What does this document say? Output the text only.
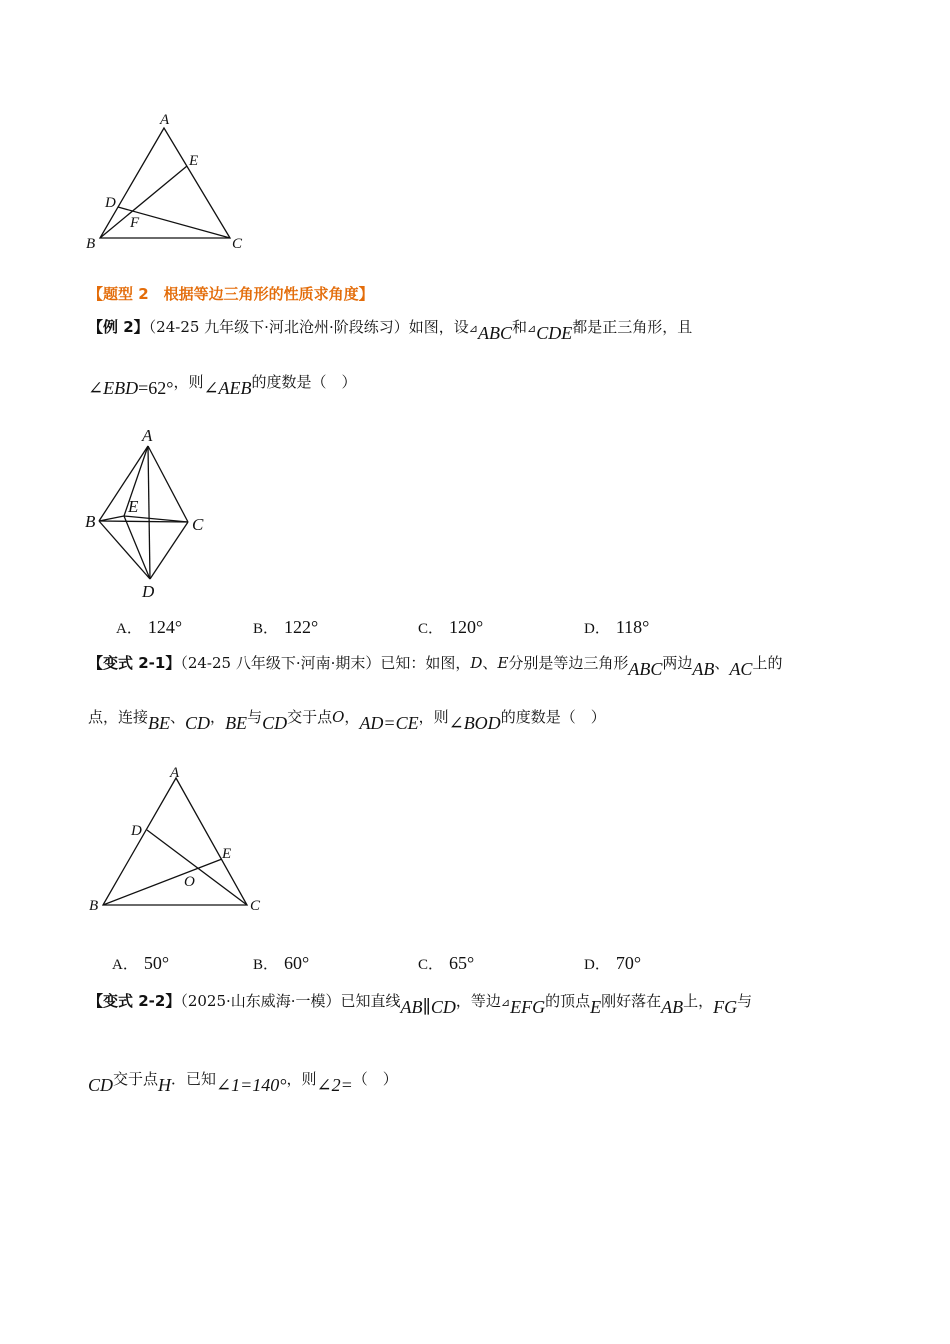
A
E
D
F
B	C
【题型 2　根据等边三角形的性质求角度】
【例 2】（24-25 九年级下·河北沧州·阶段练习）如图，设⊿ABC和⊿CDE都是正三角形，且
∠EBD=62°，则∠AEB的度数是（　）
A
B
E
C
D
A． 124°	B． 122°	C． 120°	D． 118°
【变式 2-1】（24-25 八年级下·河南·期末）已知：如图，D、E分别是等边三角形ABC两边AB、AC上的
点，连接BE、CD，BE与CD交于点O，AD=CE，则∠BOD的度数是（　）
A
D
E
O
B	C
A． 50°	B． 60°	C． 65°	D． 70°
【变式 2-2】（2025·山东威海·一模）已知直线AB∥CD，等边⊿EFG的顶点E刚好落在AB上，FG与
CD交于点H．已知∠1=140°，则∠2=（　）
